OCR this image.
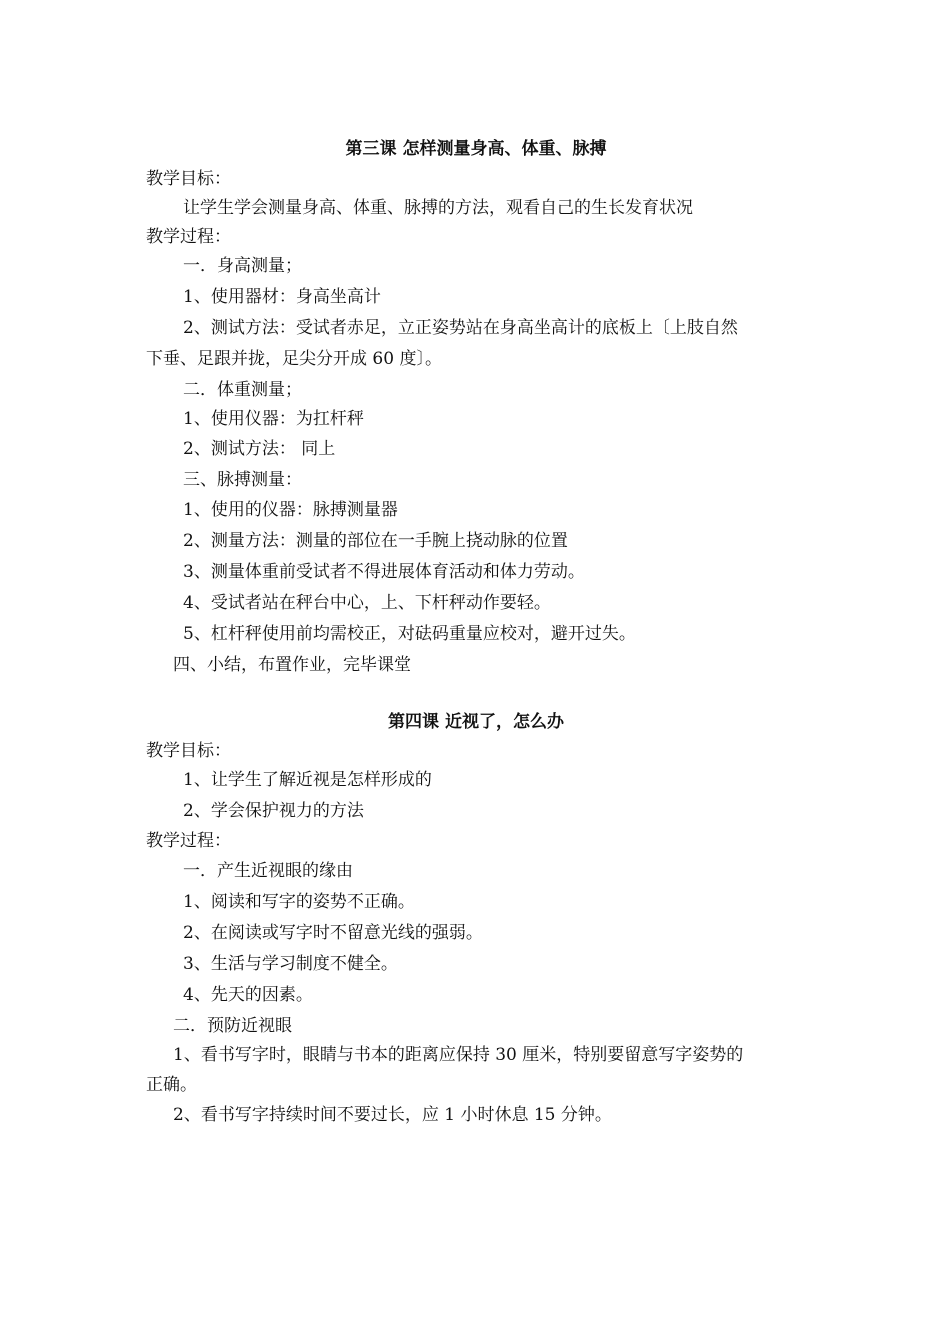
第三课 怎样测量身高、体重、脉搏
教学目标：
让学生学会测量身高、体重、脉搏的方法，观看自己的生长发育状况
教学过程：
一．身高测量；
1、使用器材：身高坐高计
2、测试方法：受试者赤足，立正姿势站在身高坐高计的底板上〔上肢自然
下垂、足跟并拢，足尖分开成 60 度〕。
二．体重测量；
1、使用仪器：为扛杆秤
2、测试方法： 同上
三、脉搏测量：
1、使用的仪器：脉搏测量器
2、测量方法：测量的部位在一手腕上挠动脉的位置
3、测量体重前受试者不得进展体育活动和体力劳动。
4、受试者站在秤台中心，上、下杆秤动作要轻。
5、杠杆秤使用前均需校正，对砝码重量应校对，避开过失。
四、小结，布置作业，完毕课堂
第四课 近视了，怎么办
教学目标：
1、让学生了解近视是怎样形成的
2、学会保护视力的方法
教学过程：
一．产生近视眼的缘由
1、阅读和写字的姿势不正确。
2、在阅读或写字时不留意光线的强弱。
3、生活与学习制度不健全。
4、先天的因素。
二．预防近视眼
1、看书写字时，眼睛与书本的距离应保持 30 厘米，特别要留意写字姿势的
正确。
2、看书写字持续时间不要过长，应 1 小时休息 15 分钟。
